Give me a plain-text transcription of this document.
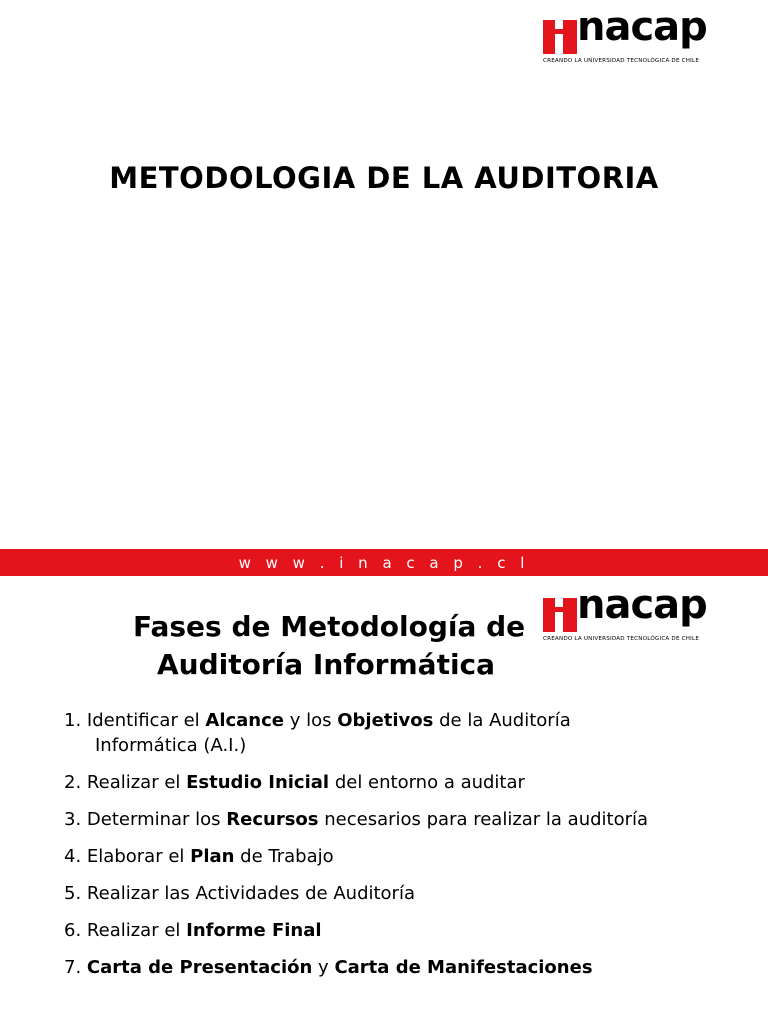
nacap
CREANDO LA UNIVERSIDAD TECNOLÓGICA DE CHILE
METODOLOGIA DE LA AUDITORIA
w w w . i n a c a p . c l
Fases de Metodología de
Auditoría Informática
nacap
CREANDO LA UNIVERSIDAD TECNOLÓGICA DE CHILE
1. Identificar el Alcance y los Objetivos de la Auditoría
Informática (A.I.)
2. Realizar el Estudio Inicial del entorno a auditar
3. Determinar los Recursos necesarios para realizar la auditoría
4. Elaborar el Plan de Trabajo
5. Realizar las Actividades de Auditoría
6. Realizar el Informe Final
7. Carta de Presentación y Carta de Manifestaciones
